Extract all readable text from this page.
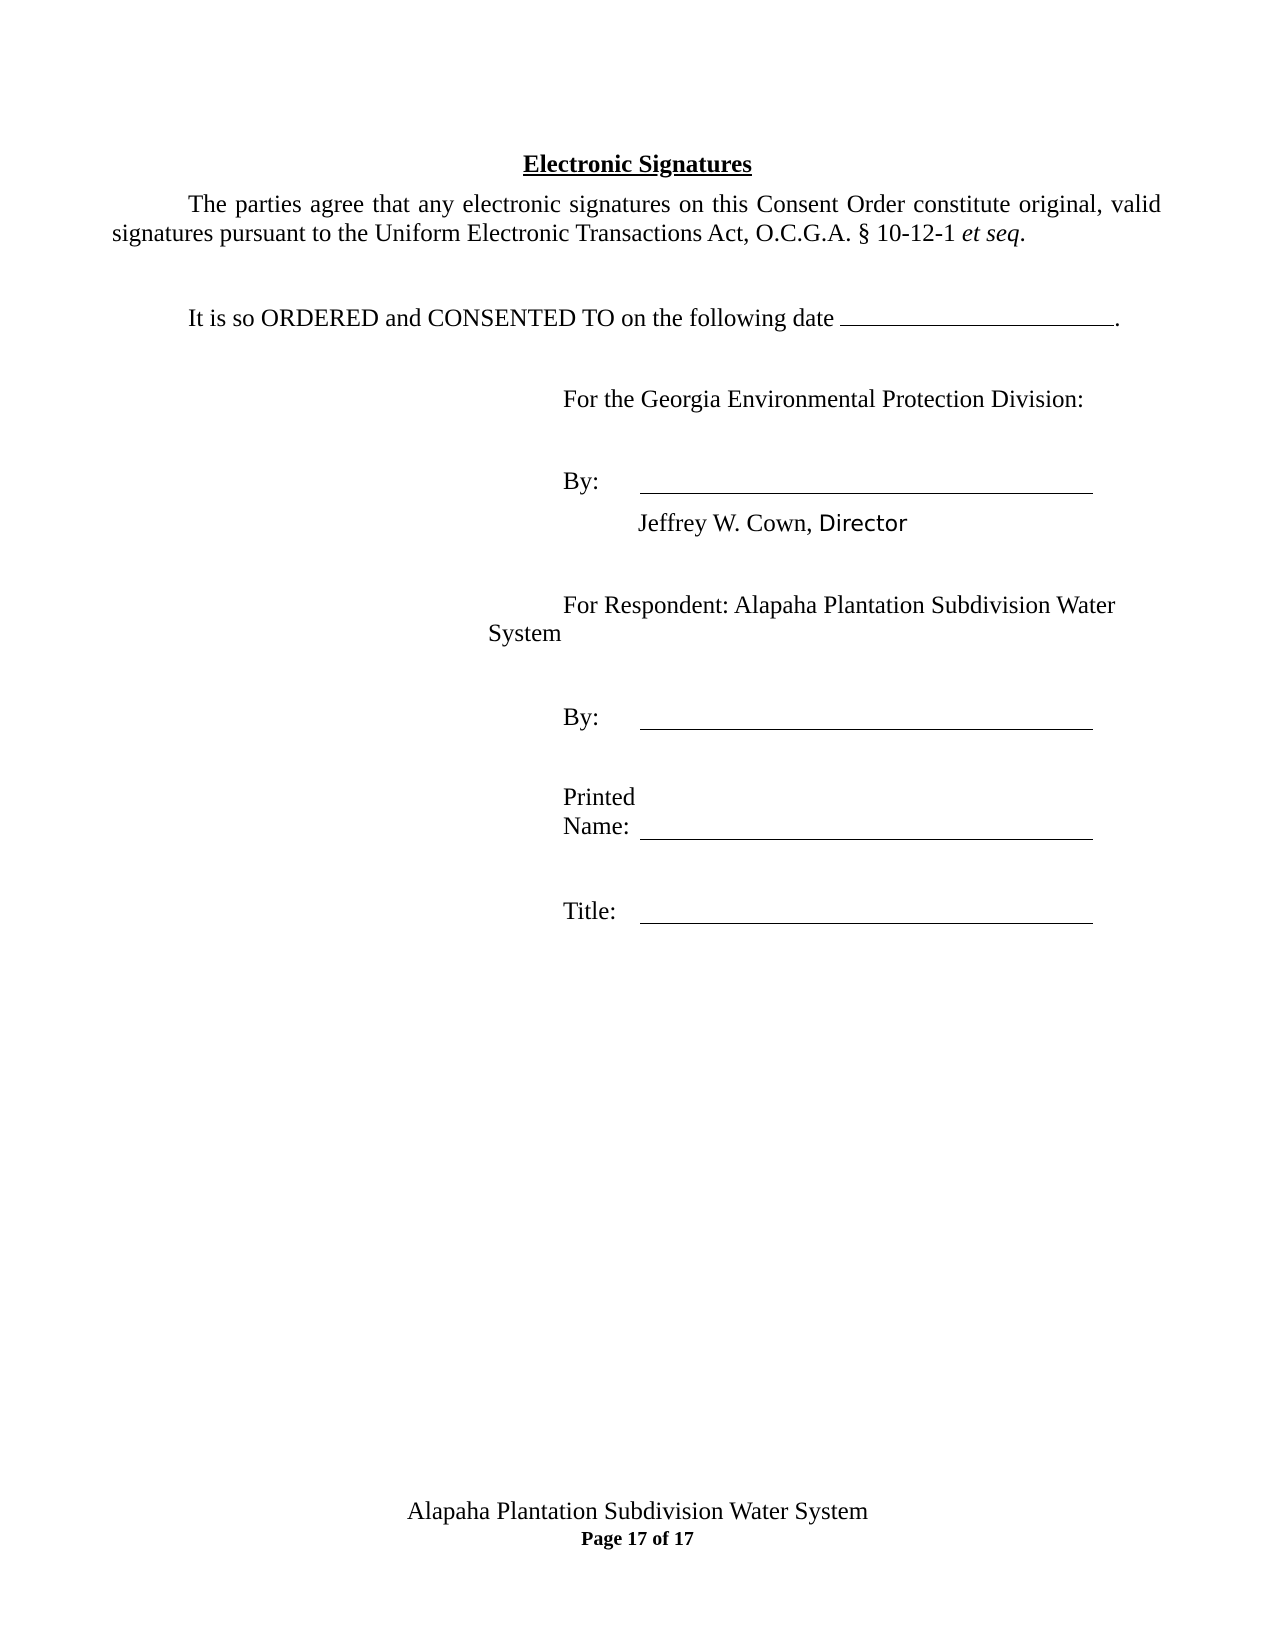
Electronic Signatures
The parties agree that any electronic signatures on this Consent Order constitute original, valid
signatures pursuant to the Uniform Electronic Transactions Act, O.C.G.A. § 10-12-1 et seq.
It is so ORDERED and CONSENTED TO on the following date	.
For the Georgia Environmental Protection Division:
By:
Jeffrey W. Cown, Director
For Respondent: Alapaha Plantation Subdivision Water
System
By:
Printed
Name:
Title:
Alapaha Plantation Subdivision Water System
Page 17 of 17
